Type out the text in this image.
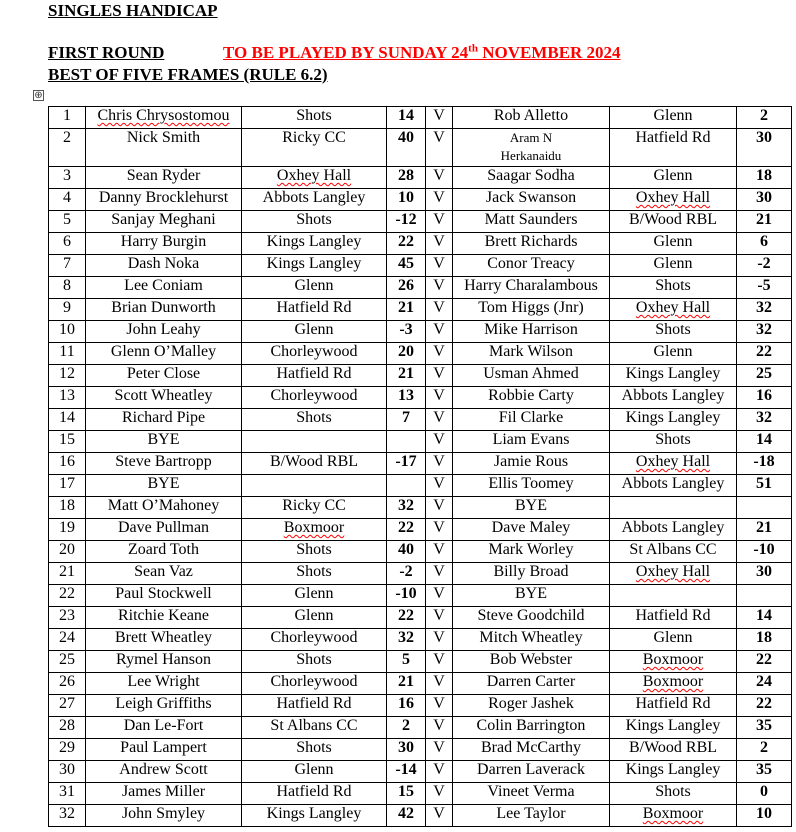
SINGLES HANDICAP
FIRST ROUND	TO BE PLAYED BY SUNDAY 24th NOVEMBER 2024
BEST OF FIVE FRAMES (RULE 6.2)
⊕
1	Chris Chrysostomou	Shots	14	V	Rob Alletto	Glenn	2
2	Nick Smith	Ricky CC	40	V	Aram N Herkanaidu	Hatfield Rd	30
3	Sean Ryder	Oxhey Hall	28	V	Saagar Sodha	Glenn	18
4	Danny Brocklehurst	Abbots Langley	10	V	Jack Swanson	Oxhey Hall	30
5	Sanjay Meghani	Shots	-12	V	Matt Saunders	B/Wood RBL	21
6	Harry Burgin	Kings Langley	22	V	Brett Richards	Glenn	6
7	Dash Noka	Kings Langley	45	V	Conor Treacy	Glenn	-2
8	Lee Coniam	Glenn	26	V	Harry Charalambous	Shots	-5
9	Brian Dunworth	Hatfield Rd	21	V	Tom Higgs (Jnr)	Oxhey Hall	32
10	John Leahy	Glenn	-3	V	Mike Harrison	Shots	32
11	Glenn O’Malley	Chorleywood	20	V	Mark Wilson	Glenn	22
12	Peter Close	Hatfield Rd	21	V	Usman Ahmed	Kings Langley	25
13	Scott Wheatley	Chorleywood	13	V	Robbie Carty	Abbots Langley	16
14	Richard Pipe	Shots	7	V	Fil Clarke	Kings Langley	32
15	BYE			V	Liam Evans	Shots	14
16	Steve Bartropp	B/Wood RBL	-17	V	Jamie Rous	Oxhey Hall	-18
17	BYE			V	Ellis Toomey	Abbots Langley	51
18	Matt O’Mahoney	Ricky CC	32	V	BYE		
19	Dave Pullman	Boxmoor	22	V	Dave Maley	Abbots Langley	21
20	Zoard Toth	Shots	40	V	Mark Worley	St Albans CC	-10
21	Sean Vaz	Shots	-2	V	Billy Broad	Oxhey Hall	30
22	Paul Stockwell	Glenn	-10	V	BYE		
23	Ritchie Keane	Glenn	22	V	Steve Goodchild	Hatfield Rd	14
24	Brett Wheatley	Chorleywood	32	V	Mitch Wheatley	Glenn	18
25	Rymel Hanson	Shots	5	V	Bob Webster	Boxmoor	22
26	Lee Wright	Chorleywood	21	V	Darren Carter	Boxmoor	24
27	Leigh Griffiths	Hatfield Rd	16	V	Roger Jashek	Hatfield Rd	22
28	Dan Le-Fort	St Albans CC	2	V	Colin Barrington	Kings Langley	35
29	Paul Lampert	Shots	30	V	Brad McCarthy	B/Wood RBL	2
30	Andrew Scott	Glenn	-14	V	Darren Laverack	Kings Langley	35
31	James Miller	Hatfield Rd	15	V	Vineet Verma	Shots	0
32	John Smyley	Kings Langley	42	V	Lee Taylor	Boxmoor	10
